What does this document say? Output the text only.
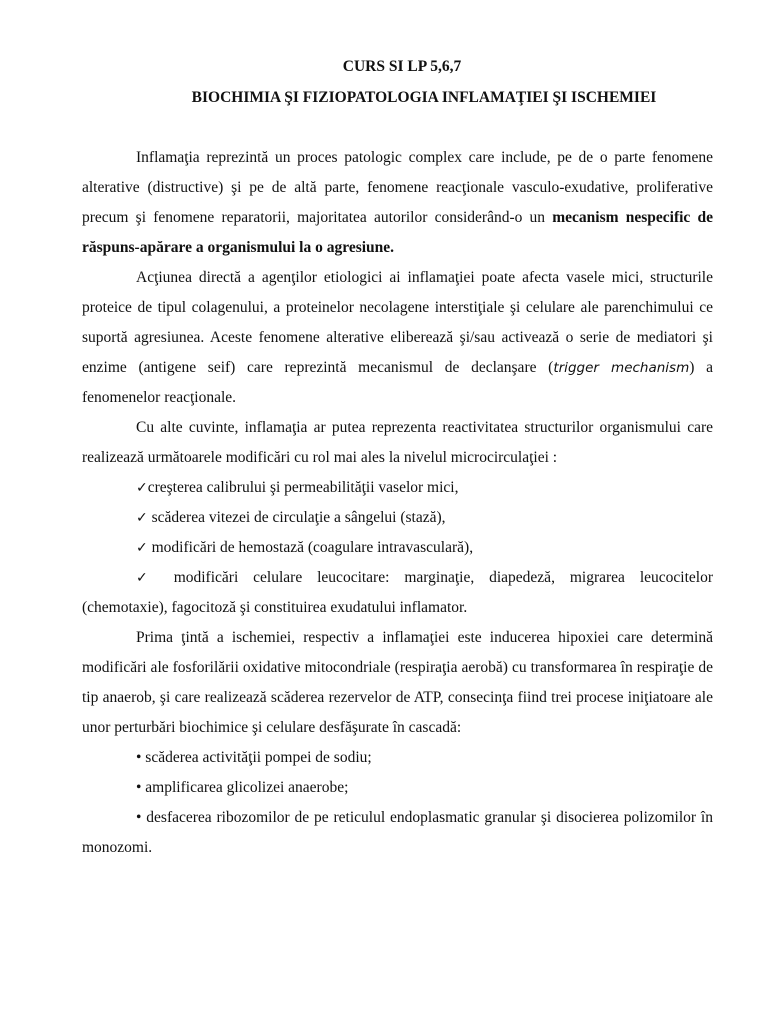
CURS SI LP 5,6,7
BIOCHIMIA ŞI FIZIOPATOLOGIA INFLAMAŢIEI ŞI ISCHEMIEI

Inflamaţia reprezintă un proces patologic complex care include, pe de o parte fenomene alterative (distructive) şi pe de altă parte, fenomene reacţionale vasculo-exudative, proliferative precum şi fenomene reparatorii, majoritatea autorilor considerând-o un mecanism nespecific de răspuns-apărare a organismului la o agresiune.

Acţiunea directă a agenţilor etiologici ai inflamaţiei poate afecta vasele mici, structurile proteice de tipul colagenului, a proteinelor necolagene interstiţiale şi celulare ale parenchimului ce suportă agresiunea. Aceste fenomene alterative eliberează şi/sau activează o serie de mediatori şi enzime (antigene seif) care reprezintă mecanismul de declanşare (trigger mechanism) a fenomenelor reacţionale.

Cu alte cuvinte, inflamaţia ar putea reprezenta reactivitatea structurilor organismului care realizează următoarele modificări cu rol mai ales la nivelul microcirculaţiei :

✓creşterea calibrului şi permeabilităţii vaselor mici,

✓ scăderea vitezei de circulaţie a sângelui (stază),

✓ modificări de hemostază (coagulare intravasculară),

✓ modificări celulare leucocitare: marginaţie, diapedeză, migrarea leucocitelor (chemotaxie), fagocitoză şi constituirea exudatului inflamator.

Prima ţintă a ischemiei, respectiv a inflamaţiei este inducerea hipoxiei care determină modificări ale fosforilării oxidative mitocondriale (respiraţia aerobă) cu transformarea în respiraţie de tip anaerob, şi care realizează scăderea rezervelor de ATP, consecinţa fiind trei procese iniţiatoare ale unor perturbări biochimice şi celulare desfăşurate în cascadă:

• scăderea activităţii pompei de sodiu;

• amplificarea glicolizei anaerobe;

• desfacerea ribozomilor de pe reticulul endoplasmatic granular şi disocierea polizomilor în monozomi.
